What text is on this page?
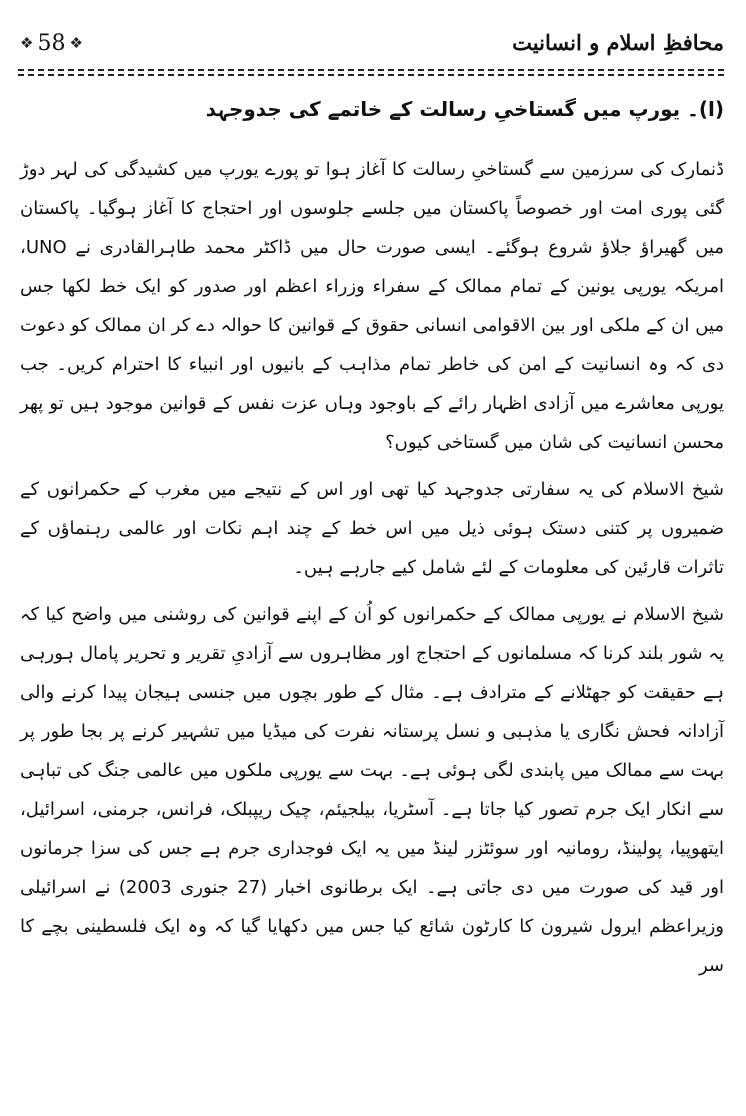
❖ 58 ❖	محافظِ اسلام و انسانیت
(ا)۔ یورپ میں گستاخیِ رسالت کے خاتمے کی جدوجہد

ڈنمارک کی سرزمین سے گستاخیِ رسالت کا آغاز ہوا تو پورے یورپ میں کشیدگی کی لہر دوڑ گئی پوری امت اور خصوصاً پاکستان میں جلسے جلوسوں اور احتجاج کا آغاز ہوگیا۔ پاکستان میں گھیراؤ جلاؤ شروع ہوگئے۔ ایسی صورت حال میں ڈاکٹر محمد طاہرالقادری نے UNO، امریکہ یورپی یونین کے تمام ممالک کے سفراء وزراء اعظم اور صدور کو ایک خط لکھا جس میں ان کے ملکی اور بین الاقوامی انسانی حقوق کے قوانین کا حوالہ دے کر ان ممالک کو دعوت دی کہ وہ انسانیت کے امن کی خاطر تمام مذاہب کے بانیوں اور انبیاء کا احترام کریں۔ جب یورپی معاشرے میں آزادی اظہار رائے کے باوجود وہاں عزت نفس کے قوانین موجود ہیں تو پھر محسن انسانیت کی شان میں گستاخی کیوں؟

شیخ الاسلام کی یہ سفارتی جدوجہد کیا تھی اور اس کے نتیجے میں مغرب کے حکمرانوں کے ضمیروں پر کتنی دستک ہوئی ذیل میں اس خط کے چند اہم نکات اور عالمی رہنماؤں کے تاثرات قارئین کی معلومات کے لئے شامل کیے جارہے ہیں۔

شیخ الاسلام نے یورپی ممالک کے حکمرانوں کو اُن کے اپنے قوانین کی روشنی میں واضح کیا کہ یہ شور بلند کرنا کہ مسلمانوں کے احتجاج اور مظاہروں سے آزادیِ تقریر و تحریر پامال ہورہی ہے حقیقت کو جھٹلانے کے مترادف ہے۔ مثال کے طور بچوں میں جنسی ہیجان پیدا کرنے والی آزادانہ فحش نگاری یا مذہبی و نسل پرستانہ نفرت کی میڈیا میں تشہیر کرنے پر بجا طور پر بہت سے ممالک میں پابندی لگی ہوئی ہے۔ بہت سے یورپی ملکوں میں عالمی جنگ کی تباہی سے انکار ایک جرم تصور کیا جاتا ہے۔ آسٹریا، بیلجیئم، چیک ریپبلک، فرانس، جرمنی، اسرائیل، ایتھوپیا، پولینڈ، رومانیہ اور سوئٹزر لینڈ میں یہ ایک فوجداری جرم ہے جس کی سزا جرمانوں اور قید کی صورت میں دی جاتی ہے۔ ایک برطانوی اخبار (27 جنوری 2003) نے اسرائیلی وزیراعظم ایرول شیرون کا کارٹون شائع کیا جس میں دکھایا گیا کہ وہ ایک فلسطینی بچے کا سر
